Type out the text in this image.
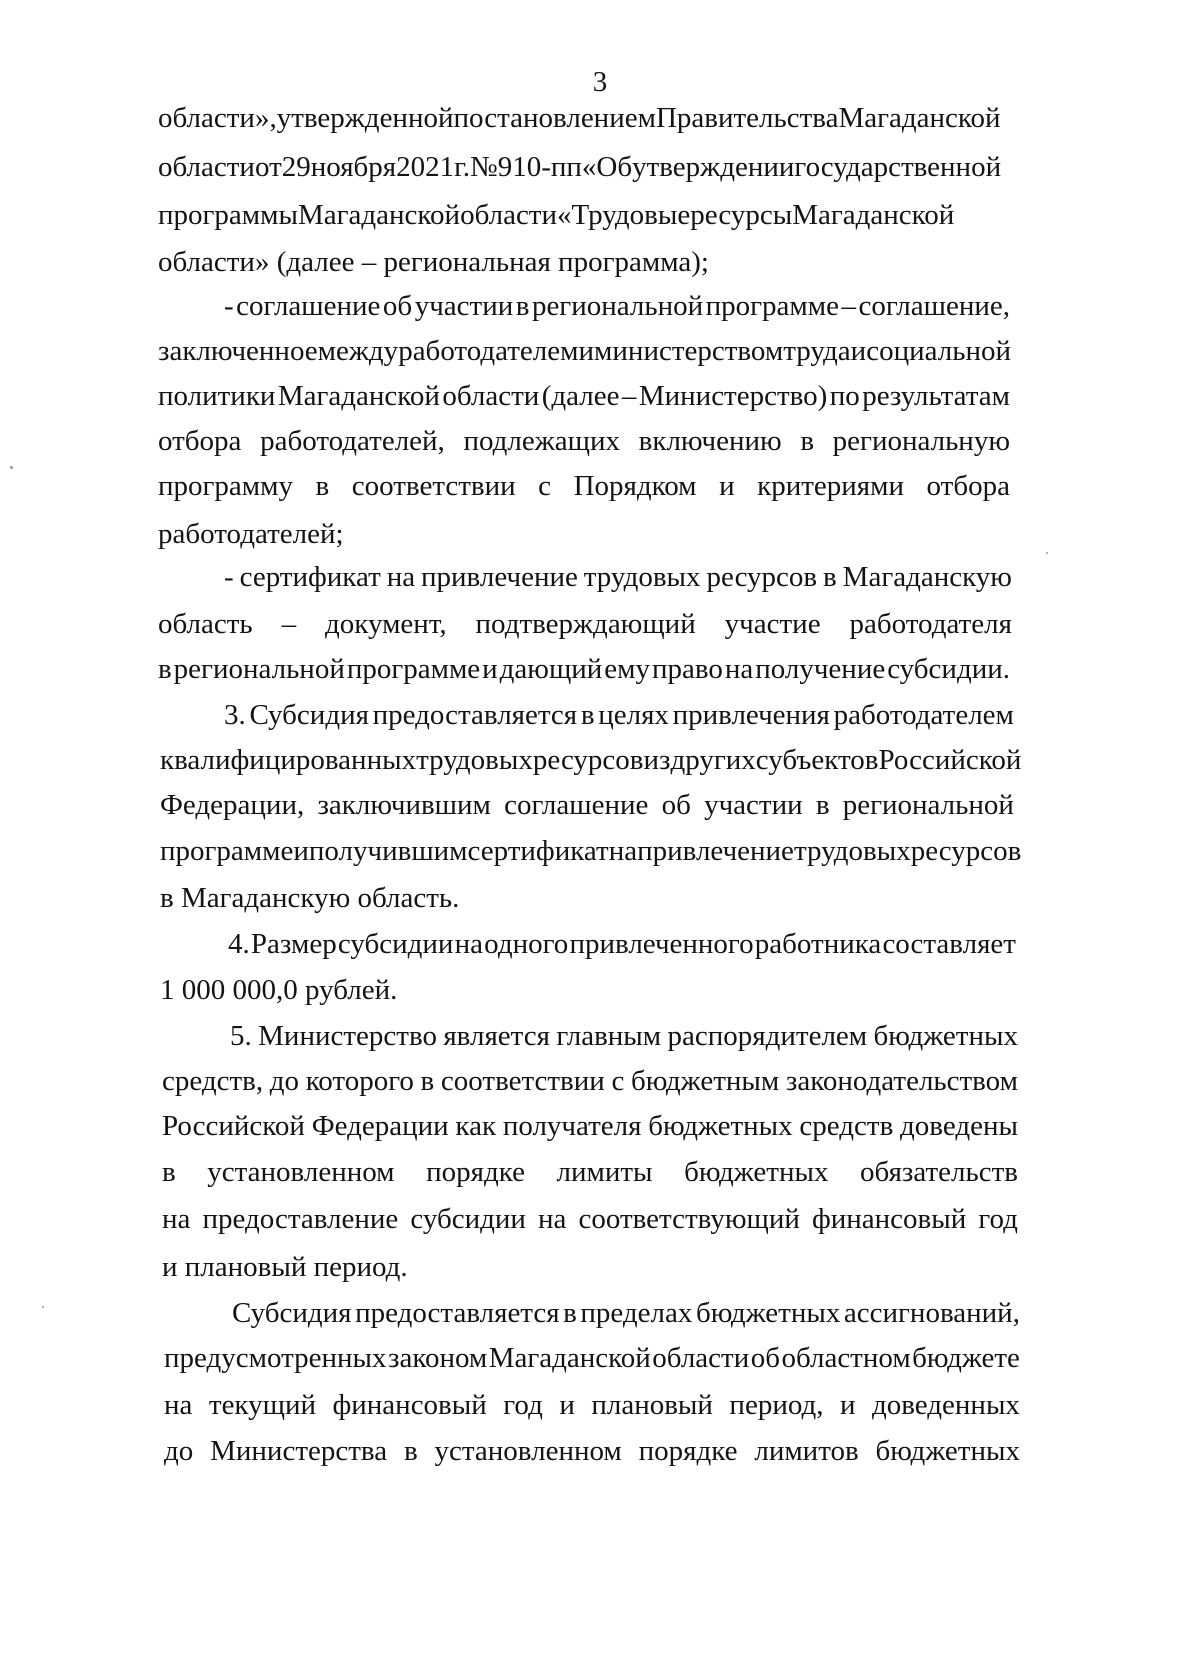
3
области», утвержденной постановлением Правительства Магаданской
области от 29 ноября 2021 г. № 910-пп «Об утверждении государственной
программы Магаданской области «Трудовые ресурсы Магаданской
области» (далее – региональная программа);
- соглашение об участии в региональной программе – соглашение,
заключенное между работодателем и министерством труда и социальной
политики Магаданской области (далее – Министерство) по результатам
отбора работодателей, подлежащих включению в региональную
программу в соответствии с Порядком и критериями отбора
работодателей;
- сертификат на привлечение трудовых ресурсов в Магаданскую
область – документ, подтверждающий участие работодателя
в региональной программе и дающий ему право на получение субсидии.
3. Субсидия предоставляется в целях привлечения работодателем
квалифицированных трудовых ресурсов из других субъектов Российской
Федерации, заключившим соглашение об участии в региональной
программе и получившим сертификат на привлечение трудовых ресурсов
в Магаданскую область.
4. Размер субсидии на одного привлеченного работника составляет
1 000 000,0 рублей.
5. Министерство является главным распорядителем бюджетных
средств, до которого в соответствии с бюджетным законодательством
Российской Федерации как получателя бюджетных средств доведены
в установленном порядке лимиты бюджетных обязательств
на предоставление субсидии на соответствующий финансовый год
и плановый период.
Субсидия предоставляется в пределах бюджетных ассигнований,
предусмотренных законом Магаданской области об областном бюджете
на текущий финансовый год и плановый период, и доведенных
до Министерства в установленном порядке лимитов бюджетных
